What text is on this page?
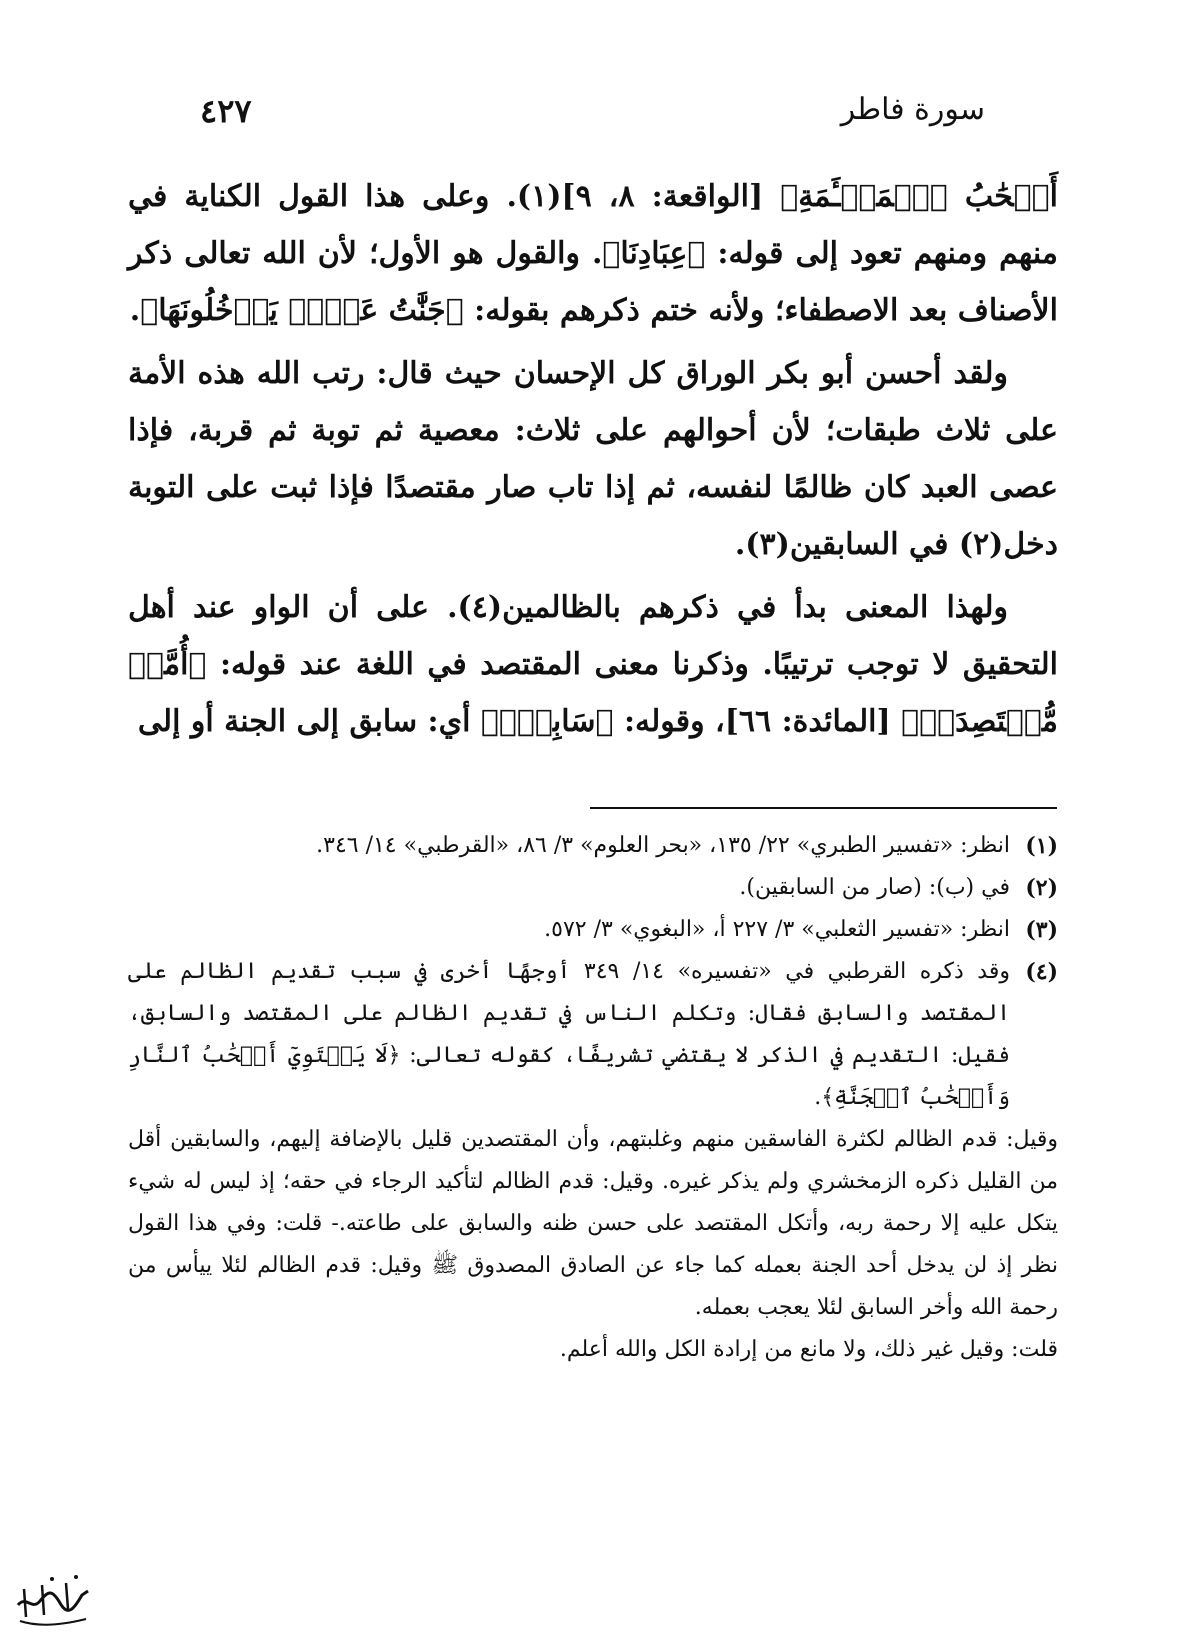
سورة فاطر
٤٢٧

أَصۡحَٰبُ ٱلۡمَشۡـَٔمَةِ﴾ [الواقعة: ٨، ٩](١). وعلى هذا القول الكناية في منهم ومنهم تعود إلى قوله: ﴿عِبَادِنَا﴾. والقول هو الأول؛ لأن الله تعالى ذكر الأصناف بعد الاصطفاء؛ ولأنه ختم ذكرهم بقوله: ﴿جَنَّٰتُ عَدۡنٖ يَدۡخُلُونَهَا﴾.

ولقد أحسن أبو بكر الوراق كل الإحسان حيث قال: رتب الله هذه الأمة على ثلاث طبقات؛ لأن أحوالهم على ثلاث: معصية ثم توبة ثم قربة، فإذا عصى العبد كان ظالمًا لنفسه، ثم إذا تاب صار مقتصدًا فإذا ثبت على التوبة دخل(٢) في السابقين(٣).

ولهذا المعنى بدأ في ذكرهم بالظالمين(٤). على أن الواو عند أهل التحقيق لا توجب ترتيبًا. وذكرنا معنى المقتصد في اللغة عند قوله: ﴿أُمَّةٞ مُّقۡتَصِدَةٞ﴾ [المائدة: ٦٦]، وقوله: ﴿سَابِقُۢ﴾ أي: سابق إلى الجنة أو إلى

(١)
انظر: «تفسير الطبري» ٢٢/ ١٣٥، «بحر العلوم» ٣/ ٨٦، «القرطبي» ١٤/ ٣٤٦.
(٢)
في (ب): (صار من السابقين).
(٣)
انظر: «تفسير الثعلبي» ٣/ ٢٢٧ أ، «البغوي» ٣/ ٥٧٢.
(٤)
وقد ذكره القرطبي في «تفسيره» ١٤/ ٣٤٩ أوجهًا أخرى في سبب تقديم الظالم على المقتصد والسابق فقال: وتكلم الناس في تقديم الظالم على المقتصد والسابق، فقيل: التقديم في الذكر لا يقتضي تشريفًا، كقوله تعالى: ﴿لَا يَسۡتَوِيٓ أَصۡحَٰبُ ٱلنَّارِ وَأَصۡحَٰبُ ٱلۡجَنَّةِ﴾.

وقيل: قدم الظالم لكثرة الفاسقين منهم وغلبتهم، وأن المقتصدين قليل بالإضافة إليهم، والسابقين أقل من القليل ذكره الزمخشري ولم يذكر غيره. وقيل: قدم الظالم لتأكيد الرجاء في حقه؛ إذ ليس له شيء يتكل عليه إلا رحمة ربه، وأتكل المقتصد على حسن ظنه والسابق على طاعته.- قلت: وفي هذا القول نظر إذ لن يدخل أحد الجنة بعمله كما جاء عن الصادق المصدوق ﷺ وقيل: قدم الظالم لئلا ييأس من رحمة الله وأخر السابق لئلا يعجب بعمله.

قلت: وقيل غير ذلك، ولا مانع من إرادة الكل والله أعلم.
